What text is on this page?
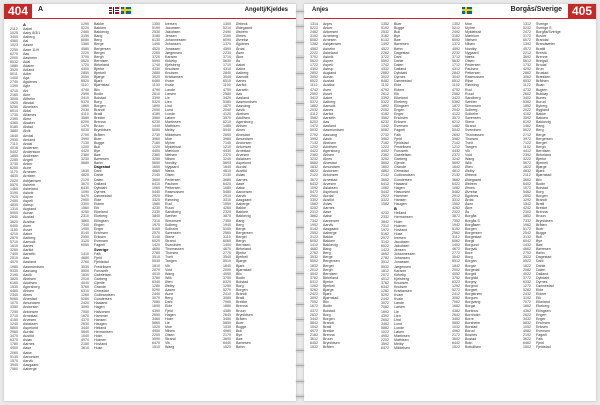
404	A	Angeltj/Kjeldes
A
2112 Aabel
1025 Aaby 8/3/1
3400 Aaberg
4560 Aal
1023 Aasen
2250 Aase 11/9
6270 Aas
2000 Aasheim
8032 Adal
1880 Adalen
3520 Adland
5011 Adler
1400 Aga
2740 Agdenes
1390 Agle
4710 Ahl
2160 Alen
3005 Alfheim
1920 Aksdal
5250 Akselsen
6014 Aldal
1730 Alfarnes
2390 Alme
4360 Alsaker
5180 Alstad
3880 Alvik
1640 Amdal
2930 Amland
7110 Andal
4016 Andersen
5402 Andersson
1850 Andresen
2280 Angell
3730 Anker
6250 Aune
1170 Arnesen
4630 Arntzen
2020 Asbjørnsen
5570 Asheim
1460 Askeland
3190 Askvik
7020 Aspen
2450 Aspeli
4830 Astrup
1310 Augland
5900 Aunan
2640 Austad
3620 Austbø
6400 Aven
1150 Avset
4210 Aakre
2870 Aalberg
5710 Aamodt
1610 Aanes
3260 Aarflot
7400 Aarseth
2510 Aas
4070 Aasland
1980 Aasmundsen
5330 Aasvang
2190 Aavik
3820 Abelsen
6160 Adolfsen
1530 Agersborg
4460 Ahlsen
2340 Alnes
5060 Alvestad
1070 Amundsen
3350 Andorsen
7250 Antonsen
2710 Arnestad
4150 Arvesen
1240 Aslaksen
5800 Aspelund
2960 Aurdal
3470 Austlid
6370 Avløs
1780 Aarnes
4900 Aase
2060 Aabø
5130 Aanonsen
1570 Aarvik
3940 Aasgaard
7560 Aaberge
1290 Bakke
5220 Bakken
2480 Bakkevig
3150 Bang
6080 Berg
1380 Berge
4580 Bergersen
2220 Berget
3700 Bergh
5620 Berntsen
1720 Birkeland
4300 Bjerke
2850 Bjerkeli
3050 Bjørge
6520 Bjørk
1110 Bjørnstad
4740 Blix
2590 Bodin
3410 Bolstad
5370 Borg
1860 Borgen
2030 Brandt
4110 Bratli
3580 Brekke
6200 Brenna
1470 Bruun
5030 Brynildsen
2700 Bråten
3990 Buer
7130 Bugge
1200 Bull
4420 Bye
2380 Bøe
3230 Børresen
5680 Bøhn
Dagestad
1630 Dahl
4820 Dahle
2120 Dalen
3670 Dalland
6430 Dybdahl
1090 Dyrnes
5470 Dønnestad
2900 Eide
3300 Eidem
1560 Eik
4250 Eikeland
2310 Ekeberg
3860 Ellingsen
7340 Engen
1950 Enger
5140 Erichsen
2550 Eriksen
3120 Evensen
6050 Fagerli
Sverige
1410 Falk
4680 Fjeld
2760 Fjeldstad
3530 Fredriksen
5500 Furuseth
1830 Gabrielsen
2010 Garberg
4040 Gjerde
3760 Grande
6310 Grimstad
1260 Gulbrandsen
5260 Gundersen
2420 Haaland
3090 Hagen
7050 Halvorsen
1670 Hammer
4370 Hansen
2630 Haugen
3440 Helland
5840 Hermansen
1040 Holm
4970 Holmen
2180 Hovland
3610 Huse
1350 Iversen
5190 Jacobsen
2530 Jakobsen
3180 Jensen
6130 Johannessen
1490 Johansen
4520 Jonassen
2260 Jørgensen
3720 Karlsen
5590 Kirkeby
1740 Kjelsberg
4330 Knudsen
2880 Knutsen
3020 Kristiansen
6480 Kvam
1130 Kvale
4790 Lande
2610 Larsen
3390 Lie
5320 Lien
1890 Lind
2050 Lund
4180 Lunde
3560 Løken
6230 Martinsen
1440 Mathisen
5080 Melby
2730 Mikkelsen
3960 Moe
7180 Myhre
1220 Myklebust
4400 Mæhlum
2360 Nielsen
3250 Nilsen
5650 Nordby
1600 Nygaard
4860 Næss
2140 Olsen
3650 Pedersen
6410 Paulsen
1060 Pettersen
5440 Rasmussen
2920 Riise
3320 Rønning
1580 Rud
4230 Ruud
2330 Sandberg
3840 Sæther
7310 Simonsen
1970 Solberg
5160 Solheim
2570 Sørensen
3140 Stene
6020 Strand
1420 Svendsen
4650 Thomassen
2780 Thorsen
3510 Tveit
5530 Tangen
1810 Vik
2070 Vold
4010 Wang
3780 Wiik
6340 Øien
1280 Østby
5290 Aasen
2440 Aune
3070 Berg
7080 Dahl
1690 Eide
4390 Fjeld
2650 Hagen
3460 Holm
5860 Lie
1020 Moe
4950 Nilsen
2200 Olsen
3590 Strand
6470 Vik
1510 Wang
1300 Ørbeck
5210 Ødegaard
2490 Østrem
3160 Ørnes
6090 Øvrebø
1370 Ågotnes
4590 Årdal
2230 Åsen
3710 Åkre
5630 Ås
1710 Aabel
4310 Aakre
2840 Aalberg
3040 Aamodt
6510 Aanes
1100 Aarflot
4750 Aarseth
2580 Aas
3420 Aasland
5380 Aasmundsen
1870 Aasvang
2040 Aavik
4120 Abelsen
3570 Adolfsen
6210 Agersborg
1480 Ahlsen
5040 Alnes
2690 Alvestad
3980 Amundsen
7140 Andorsen
1210 Antonsen
4430 Arnestad
2370 Arvesen
3240 Aslaksen
5690 Aspelund
1640 Aurdal
4810 Austlid
2130 Avløs
3680 Aarnes
6420 Aase
1080 Aabø
5480 Aanonsen
2910 Aarvik
3310 Aasgaard
1550 Aaberge
4260 Bakke
2320 Bakken
3870 Bakkevig
7350 Bang
1940 Berg
5150 Berge
2560 Bergersen
3110 Berget
6060 Bergh
1400 Berntsen
4670 Birkeland
2770 Bjerke
3540 Bjerkeli
5510 Bjørge
1840 Bjørk
2000 Bjørnstad
4050 Blix
3750 Bodin
6320 Bolstad
1250 Borg
5270 Borgen
2410 Brandt
3080 Bratli
7060 Brekke
1680 Brenna
4380 Bruun
2640 Brynildsen
3450 Bråten
5850 Buer
1030 Bugge
4960 Bull
2170 Bye
3600 Bøe
6440 Børresen
1520 Bøhn
Anjes	Borgås/Sverige 405
1314 Anjes
5222 Anker
2482 Ankersen
3152 Arneberg
6082 Arnesen
1382 Asbjørnsen
4582 Asheim
2222 Askeland
3702 Askvik
5622 Aspen
1722 Aspeli
4302 Astrup
2852 Augland
3052 Aunan
6522 Austad
1112 Austbø
4742 Aven
2592 Avset
3412 Aakre
5372 Aalberg
1862 Aamodt
2032 Aanes
4112 Aarflot
3582 Aarseth
6202 Aas
1472 Aasland
5032 Aasmundsen
2702 Aasvang
3992 Aavik
7132 Abelsen
1202 Adolfsen
4422 Agersborg
2382 Ahlsen
3232 Alnes
5682 Alvestad
1632 Amundsen
4822 Andorsen
2122 Antonsen
3672 Arnestad
6432 Arvesen
1092 Aslaksen
5472 Aspelund
2902 Aurdal
3302 Austlid
1562 Avløs
4252 Aarnes
2312 Aase
3862 Aabø
7342 Aanonsen
1952 Aarvik
5142 Aasgaard
2552 Aaberge
3122 Bakke
6052 Bakken
1412 Bakkevig
4682 Bang
2762 Berg
3532 Berge
5502 Bergersen
1832 Berget
2012 Bergh
4042 Berntsen
3762 Birkeland
6312 Bjerke
1262 Bjerkeli
5262 Bjørge
2422 Bjørk
3092 Bjørnstad
7052 Blix
1672 Bodin
4372 Bolstad
2632 Borg
3442 Borgen
5842 Brandt
1042 Bratli
4972 Brekke
2182 Brenna
3612 Bruun
6452 Brynildsen
1532 Bråten
1352 Buer
5192 Bugge
2532 Bull
3182 Bye
6132 Bøe
1492 Børresen
4522 Bøhn
2262 Dagestad
3722 Dahl
5592 Dahle
1742 Dalen
4332 Dalland
2882 Dybdahl
3022 Dyrnes
6482 Dønnestad
1132 Eide
4792 Eidem
2612 Eik
3392 Eikeland
5322 Ekeberg
1892 Ellingsen
2052 Engen
4182 Enger
3562 Erichsen
6232 Eriksen
1442 Evensen
5082 Fagerli
2732 Falk
3962 Fjeld
7182 Fjeldstad
1222 Fredriksen
4402 Furuseth
2362 Gabrielsen
3252 Garberg
5652 Gjerde
1602 Grande
4862 Grimstad
2142 Gulbrandsen
3652 Gundersen
6412 Haaland
1062 Hagen
5442 Halvorsen
2922 Hammer
3322 Hansen
1582 Haugen
B
4232 Helland
2332 Hermansen
3842 Holm
7312 Holmen
1972 Hovland
5162 Huse
2572 Iversen
3142 Jacobsen
6022 Jakobsen
1422 Jensen
4652 Johannessen
2782 Johansen
3512 Jonassen
5532 Jørgensen
1812 Karlsen
2072 Kirkeby
4012 Kjelsberg
3782 Knudsen
6342 Knutsen
1282 Kristiansen
5292 Kvam
2442 Kvale
3072 Lande
7082 Larsen
1692 Lie
4392 Lien
2652 Lind
3462 Lund
5862 Lunde
1022 Løken
4952 Martinsen
2202 Mathisen
3592 Melby
6472 Mikkelsen
1302 Moe
5212 Myhre
2492 Myklebust
3162 Mæhlum
6092 Nielsen
1372 Nilsen
4592 Nordby
2232 Nygaard
3712 Næss
5632 Olsen
1712 Pedersen
4312 Paulsen
2842 Pettersen
3042 Rasmussen
6512 Riise
1102 Rønning
4752 Rud
2582 Ruud
3422 Sandberg
5382 Sæther
1872 Simonsen
2042 Solberg
4122 Solheim
3572 Sørensen
6212 Stene
1482 Strand
5042 Svendsen
2692 Thomassen
3982 Thorsen
7142 Tveit
1212 Tangen
4432 Vik
2372 Vold
3242 Wang
5692 Wiik
1642 Øien
4812 Østby
2132 Ørbeck
3682 Ødegaard
6422 Østrem
1082 Ørnes
5482 Øvrebø
2912 Ågotnes
3312 Årdal
1552 Åsen
4262 Åkre
2322 Ås
3872 Borgås
7352 Borgås S
1942 Borgåsen
5152 Borgen
2562 Borgersen
3112 Borgestad
6062 Borgli
1402 Borgund
4672 Borgvik
2772 Bore
3542 Borg
5512 Borgan
1842 Borgar
2002 Borgedal
4052 Borgeli
3752 Borghild
6322 Borgny
1252 Borgrud
5272 Borgset
2412 Borgstrøm
3082 Borgum
7062 Borgvang
1682 Borgø
4382 Borkhus
2642 Bornholm
3452 Borre
5852 Borsheim
1032 Borstad
4962 Borud
2172 Bosnes
3602 Bostad
6442 Botn
1522 Bottolfsen
1312 Sverige
5232 Sverige S
2472 Borgås/Sverige
3172 Bovim
6072 Brandal
1392 Brandsæter
4572 Brattli
2212 Breivik
3692 Brenne
5612 Bringsli
1732 Brodal
4292 Brun
2862 Brustad
3062 Brækken
6532 Bråthen
1122 Buan
4732 Bugten
2602 Bukkøy
3402 Bunes
5362 Burud
1852 Byberg
2022 Bygland
4102 Bakke
3592 Bakken
6192 Bakkevig
1462 Bang
5022 Berg
2712 Berge
3972 Bergersen
7122 Berget
1192 Bergh
4412 Berntsen
2392 Birkeland
3222 Bjerke
5672 Bjerkeli
1622 Bjørge
4832 Bjørk
2112 Bjørnstad
3662 Blix
6402 Bodin
1072 Bolstad
5462 Borg
2892 Borgen
3292 Brandt
1542 Bratli
4242 Brekke
2302 Brenna
3852 Bruun
7332 Brynildsen
1962 Bråten
5172 Buer
2542 Bugge
3132 Bull
6042 Bye
1432 Bøe
4662 Børresen
2752 Bøhn
3522 Dagestad
5522 Dahl
1822 Dahle
2082 Dalen
4022 Dalland
3772 Dybdahl
6332 Dyrnes
1272 Dønnestad
5282 Eide
2432 Eidem
3102 Eik
7072 Eikeland
1662 Ekeberg
4362 Ellingsen
2622 Engen
3432 Enger
5832 Erichsen
1052 Eriksen
4982 Evensen
2192 Fagerli
3622 Falk
6462 Fjeld
1502 Fjeldstad
